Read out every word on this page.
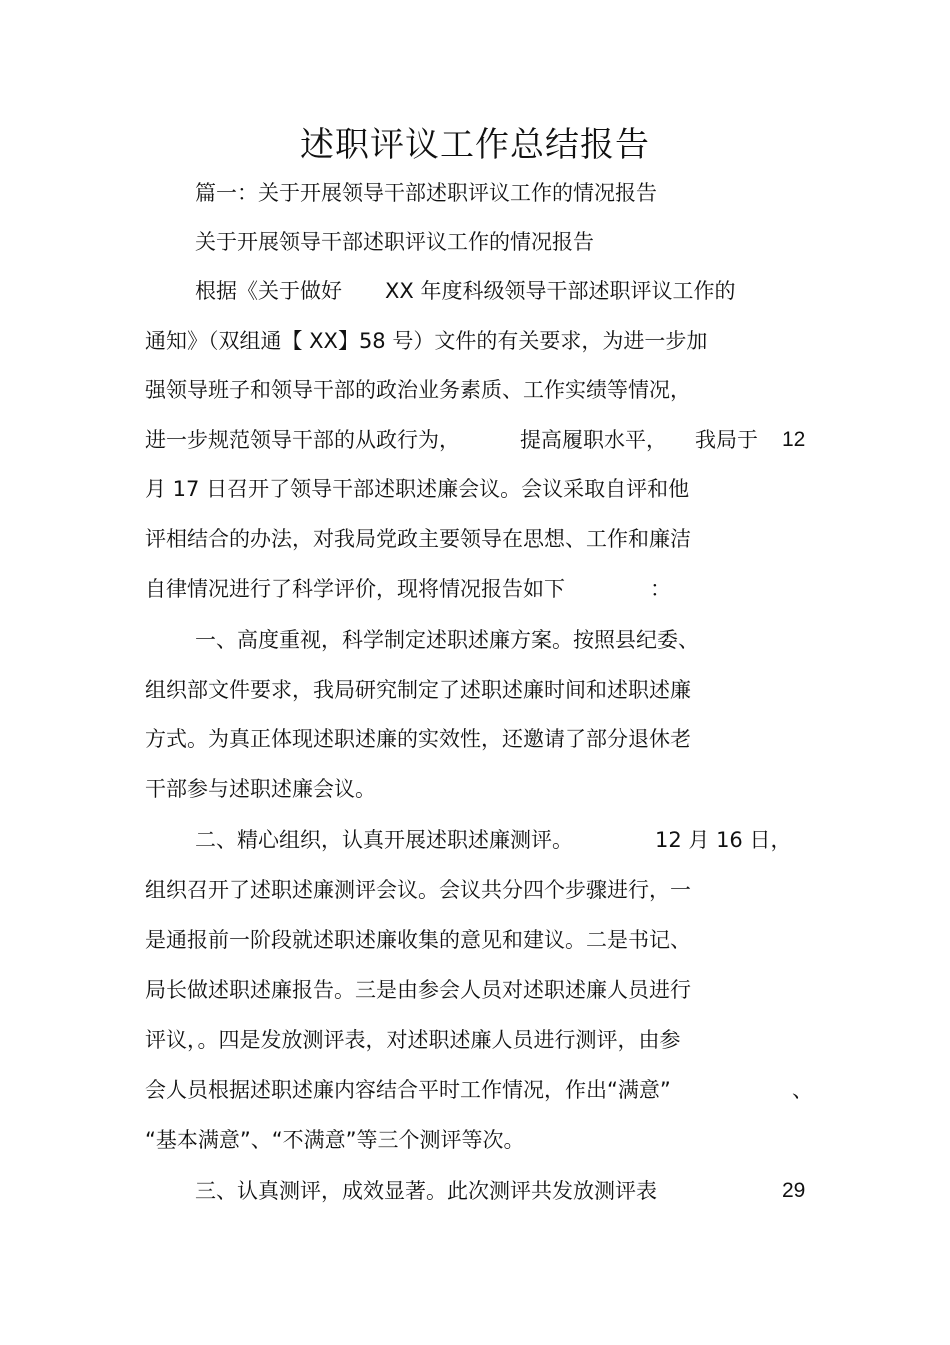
述职评议工作总结报告
篇一：关于开展领导干部述职评议工作的情况报告
关于开展领导干部述职评议工作的情况报告
根据《关于做好 XX 年度科级领导干部述职评议工作的
通知》（双组通【 XX】58 号）文件的有关要求，为进一步加
强领导班子和领导干部的政治业务素质、工作实绩等情况，
进一步规范领导干部的从政行为，	提高履职水平， 我局于 12
月 17 日召开了领导干部述职述廉会议。会议采取自评和他
评相结合的办法，对我局党政主要领导在思想、工作和廉洁
自律情况进行了科学评价，现将情况报告如下	：
一、高度重视，科学制定述职述廉方案。按照县纪委、
组织部文件要求，我局研究制定了述职述廉时间和述职述廉
方式。为真正体现述职述廉的实效性，还邀请了部分退休老
干部参与述职述廉会议。
二、精心组织，认真开展述职述廉测评。	12 月 16 日，
组织召开了述职述廉测评会议。会议共分四个步骤进行，一
是通报前一阶段就述职述廉收集的意见和建议。二是书记、
局长做述职述廉报告。三是由参会人员对述职述廉人员进行
评议，。四是发放测评表，对述职述廉人员进行测评，由参
会人员根据述职述廉内容结合平时工作情况，作出“满意”	、
“基本满意”、“不满意”等三个测评等次。
三、认真测评，成效显著。此次测评共发放测评表	29
